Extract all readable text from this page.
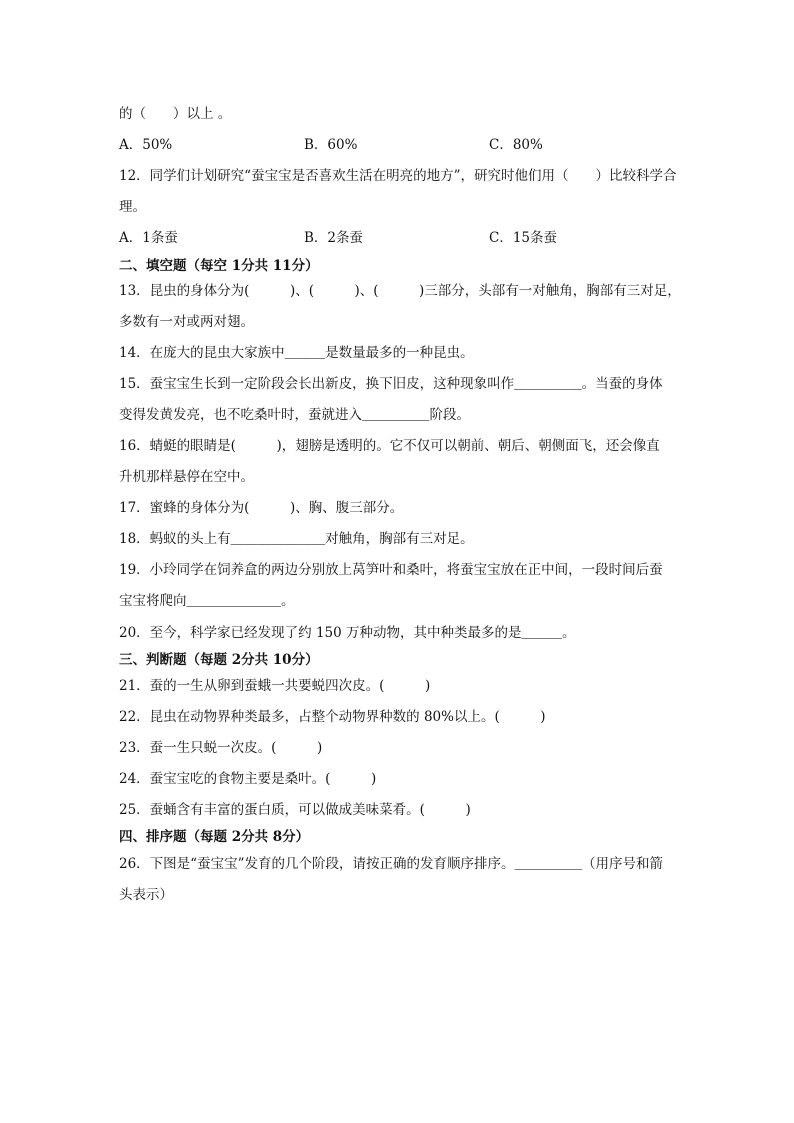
的（　　）以上 。
12．同学们计划研究“蚕宝宝是否喜欢生活在明亮的地方”，研究时他们用（　　）比较科学合
理。
二、填空题（每空 1分共 11分）
13．昆虫的身体分为(　　　)、(　　　)、(　　　)三部分，头部有一对触角，胸部有三对足，
多数有一对或两对翅。
14．在庞大的昆虫大家族中＿＿＿是数量最多的一种昆虫。
15．蚕宝宝生长到一定阶段会长出新皮，换下旧皮，这种现象叫作＿＿＿＿＿。当蚕的身体
变得发黄发亮，也不吃桑叶时，蚕就进入＿＿＿＿＿阶段。
16．蜻蜓的眼睛是(　　　)，翅膀是透明的。它不仅可以朝前、朝后、朝侧面飞，还会像直
升机那样悬停在空中。
17．蜜蜂的身体分为(　　　)、胸、腹三部分。
18．蚂蚁的头上有＿＿＿＿＿＿＿对触角，胸部有三对足。
19．小玲同学在饲养盒的两边分别放上莴笋叶和桑叶，将蚕宝宝放在正中间，一段时间后蚕
宝宝将爬向＿＿＿＿＿＿＿。
20．至今，科学家已经发现了约 150 万种动物，其中种类最多的是＿＿＿。
三、判断题（每题 2分共 10分）
21．蚕的一生从卵到蚕蛾一共要蜕四次皮。(　　　)
22．昆虫在动物界种类最多，占整个动物界种数的 80%以上。(　　　)
23．蚕一生只蜕一次皮。(　　　)
24．蚕宝宝吃的食物主要是桑叶。(　　　)
25．蚕蛹含有丰富的蛋白质，可以做成美味菜肴。(　　　)
四、排序题（每题 2分共 8分）
26．下图是“蚕宝宝”发育的几个阶段，请按正确的发育顺序排序。＿＿＿＿＿（用序号和箭
头表示）
A．50%	B．60%	C．80%
A．1条蚕	B．2条蚕	C．15条蚕
